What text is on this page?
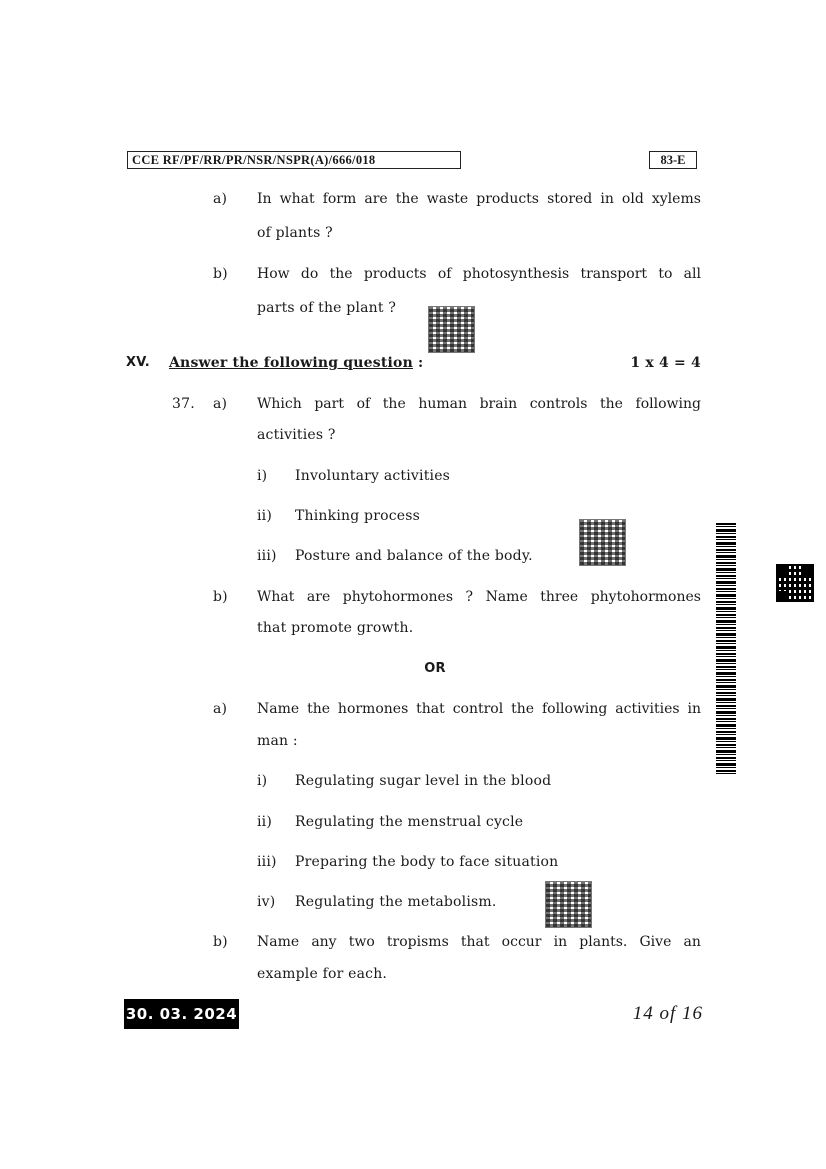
CCE RF/PF/RR/PR/NSR/NSPR(A)/666/018	83-E
a) In what form are the waste products stored in old xylems
of plants ?
b) How do the products of photosynthesis transport to all
parts of the plant ?
XV. Answer the following question :	1 x 4 = 4
37. a) Which part of the human brain controls the following
activities ?
i) Involuntary activities
ii) Thinking process
iii) Posture and balance of the body.
b) What are phytohormones ? Name three phytohormones
that promote growth.
OR
a) Name the hormones that control the following activities in
man :
i) Regulating sugar level in the blood
ii) Regulating the menstrual cycle
iii) Preparing the body to face situation
iv) Regulating the metabolism.
b) Name any two tropisms that occur in plants. Give an
example for each.
30. 03. 2024	14 of 16
